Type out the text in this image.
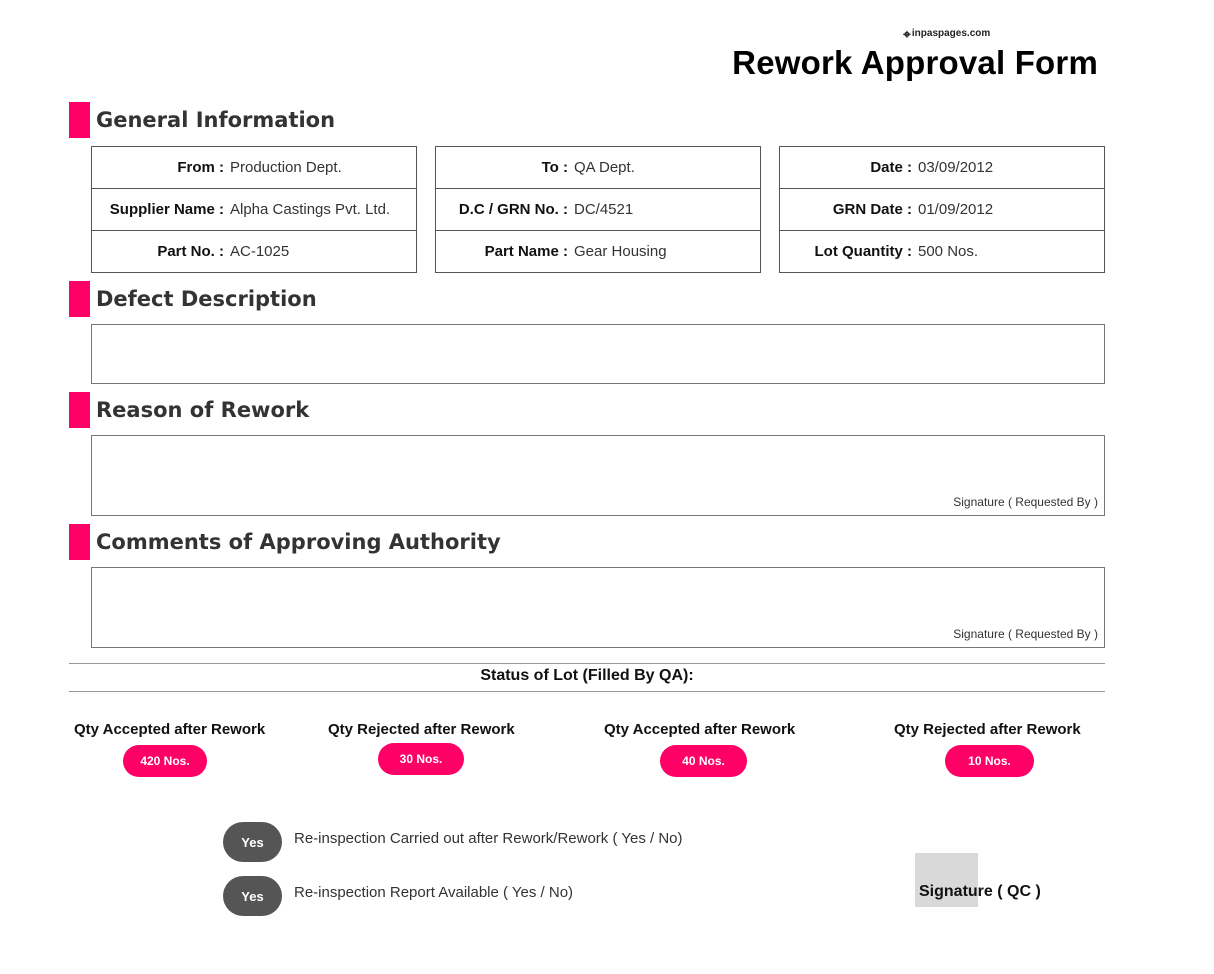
⌖ inpaspages.com
Rework Approval Form
General Information
From : Production Dept.
Supplier Name : Alpha Castings Pvt. Ltd.
Part No. : AC-1025
To : QA Dept.
D.C / GRN No. : DC/4521
Part Name : Gear Housing
Date : 03/09/2012
GRN Date : 01/09/2012
Lot Quantity : 500 Nos.
Defect Description
Reason of Rework
Signature ( Requested By )
Comments of Approving Authority
Signature ( Requested By )
Status of Lot (Filled By QA):
Qty Accepted after Rework
420 Nos.
Qty Rejected after Rework
30 Nos.
Qty Accepted after Rework
40 Nos.
Qty Rejected after Rework
10 Nos.
Yes	Re-inspection Carried out after Rework/Rework ( Yes / No)
Yes	Re-inspection Report Available ( Yes / No)	Signature ( QC )
